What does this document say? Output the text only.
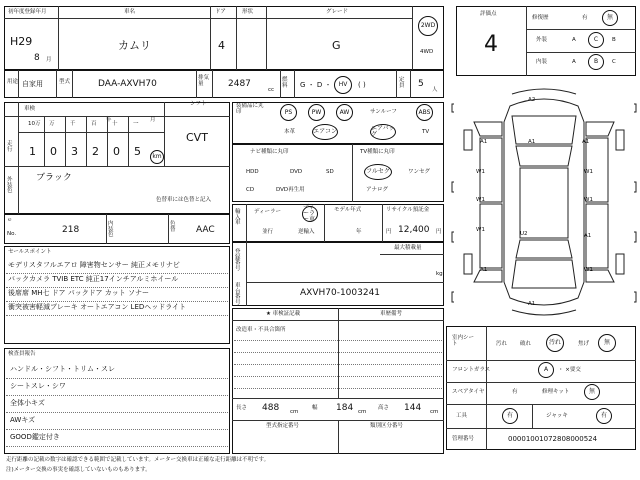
初年度登録年月
H29
8 月
車名
カムリ
ドア
4
形状	グレード
G
2WD
4WD
用途 自家用	型式	DAA-AXVH70
排気量	2487
cc
燃料	G ・ D ・ HV ( )
定員	5
人
車検
年	月
シフト
CVT
走行
10万
1
万
0
千
3
百
2
十
0
一
5 km
外装色
ブラック
色替車には色替と記入
装備品に丸印	PS	PW	AW	サンルーフ	ABS
本革	エアコン	エアバッグ	TV
ナビ種類に丸印
HDD	DVD	SD
CD	DVD再生用
TV種類に丸印
フルセグ	ワンセグ
アナログ
輸入車
ディーラー
ディーラー車
並行	逆輸入
モデル年式
年
リサイクル預託金
円 12,400 円
ｅ
No.	218
内装色
色替	AAC
登録番号
最大積載量
kg
車台番号
AXVH70-1003241
セールスポイント
モデリスタフルエアロ 障害物センサー 純正メモリナビ
バックカメラ TVIB ETC 純正17インチアルミホイール
後席席 MH七 ドア パックドア カット ソナー
衝突被害軽減ブレーキ オートエアコン LEDヘッドライト
検査員報告
ハンドル・シフト・トリム・スレ
シートスレ・シワ
全体小キズ
AWキズ
GOOD鑑定付き
★ 車検証記載	車歴備考
改造車・不具合箇所
長さ 488 cm
幅 184 cm
高さ 144 cm
型式指定番号	類別区分番号
評価点
4
修復歴	有	無
外装	A	C	B
内装	A	B	C
A2
A1	A1	A1
W1	W1
W1	W1
W1
U2	A1
A1	W1
A1
室内シート	汚れ 破れ	汚れ	焦げ 無
フロントガラス	A ・ ×要交
スペアタイヤ	有	修理キット	無
工具	有	ジャッキ	有
管理番号	00001001072808000524
走行距離の記載の数字は確認できる範囲で記載しています。メーター交換車は正確な走行距離は不明です。
注)メーター交換の事実を確認していないものもあります。
